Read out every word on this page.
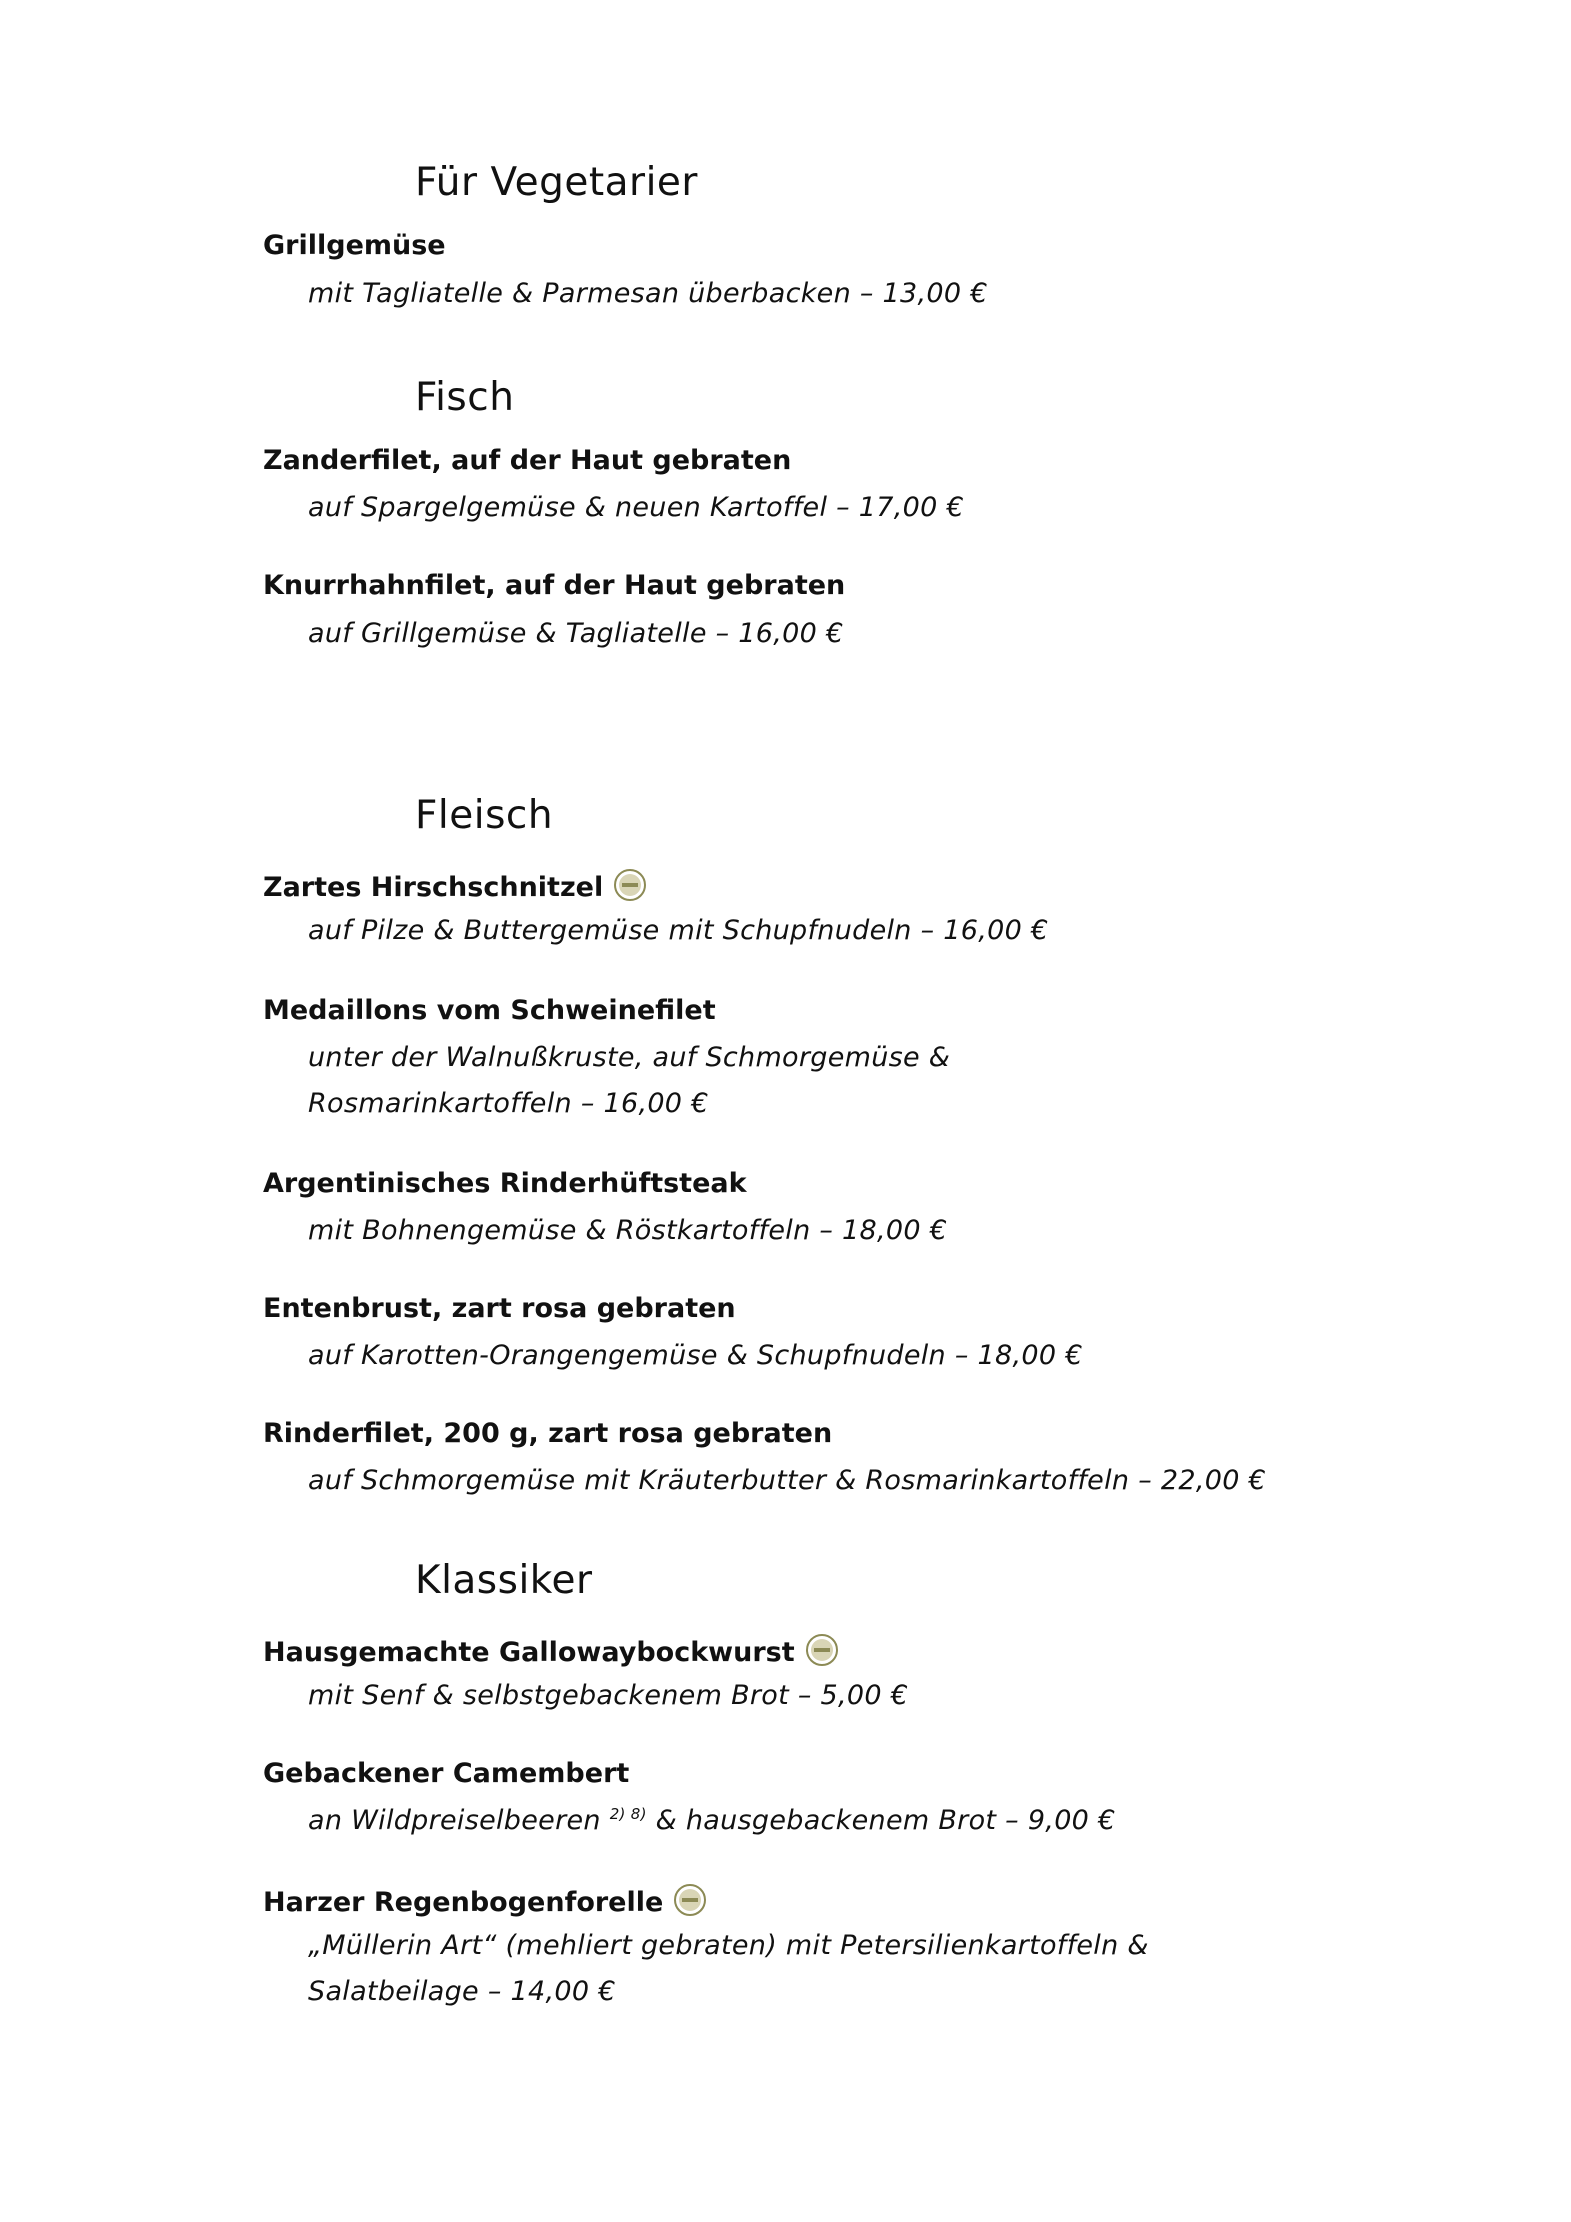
Für Vegetarier
Grillgemüse
mit Tagliatelle & Parmesan überbacken – 13,00 €
Fisch
Zanderfilet, auf der Haut gebraten
auf Spargelgemüse & neuen Kartoffel – 17,00 €
Knurrhahnfilet, auf der Haut gebraten
auf Grillgemüse & Tagliatelle – 16,00 €
Fleisch
Zartes Hirschschnitzel
auf Pilze & Buttergemüse mit Schupfnudeln – 16,00 €
Medaillons vom Schweinefilet
unter der Walnußkruste, auf Schmorgemüse &
Rosmarinkartoffeln – 16,00 €
Argentinisches Rinderhüftsteak
mit Bohnengemüse & Röstkartoffeln – 18,00 €
Entenbrust, zart rosa gebraten
auf Karotten-Orangengemüse & Schupfnudeln – 18,00 €
Rinderfilet, 200 g, zart rosa gebraten
auf Schmorgemüse mit Kräuterbutter & Rosmarinkartoffeln – 22,00 €
Klassiker
Hausgemachte Gallowaybockwurst
mit Senf & selbstgebackenem Brot – 5,00 €
Gebackener Camembert
an Wildpreiselbeeren $^{2) 8)}$ & hausgebackenem Brot – 9,00 €
Harzer Regenbogenforelle
„Müllerin Art“ (mehliert gebraten) mit Petersilienkartoffeln &
Salatbeilage – 14,00 €
